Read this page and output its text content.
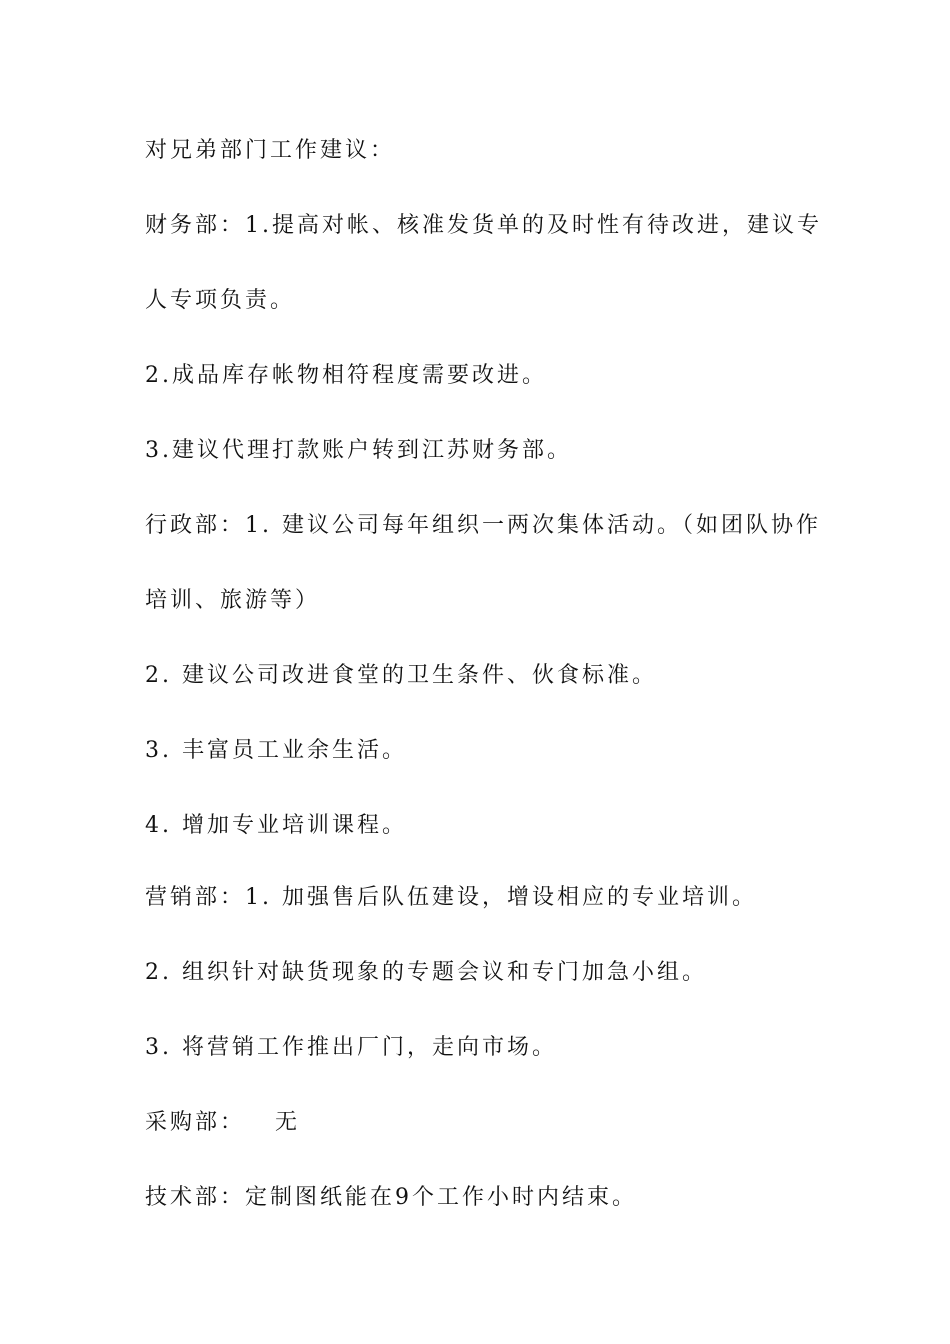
对兄弟部门工作建议：
财务部：1.提高对帐、核准发货单的及时性有待改进，建议专
人专项负责。
2.成品库存帐物相符程度需要改进。
3.建议代理打款账户转到江苏财务部。
行政部：1. 建议公司每年组织一两次集体活动。（如团队协作
培训、旅游等）
2. 建议公司改进食堂的卫生条件、伙食标准。
3. 丰富员工业余生活。
4. 增加专业培训课程。
营销部：1. 加强售后队伍建设，增设相应的专业培训。
2. 组织针对缺货现象的专题会议和专门加急小组。
3. 将营销工作推出厂门，走向市场。
采购部：   无
技术部：定制图纸能在9个工作小时内结束。
